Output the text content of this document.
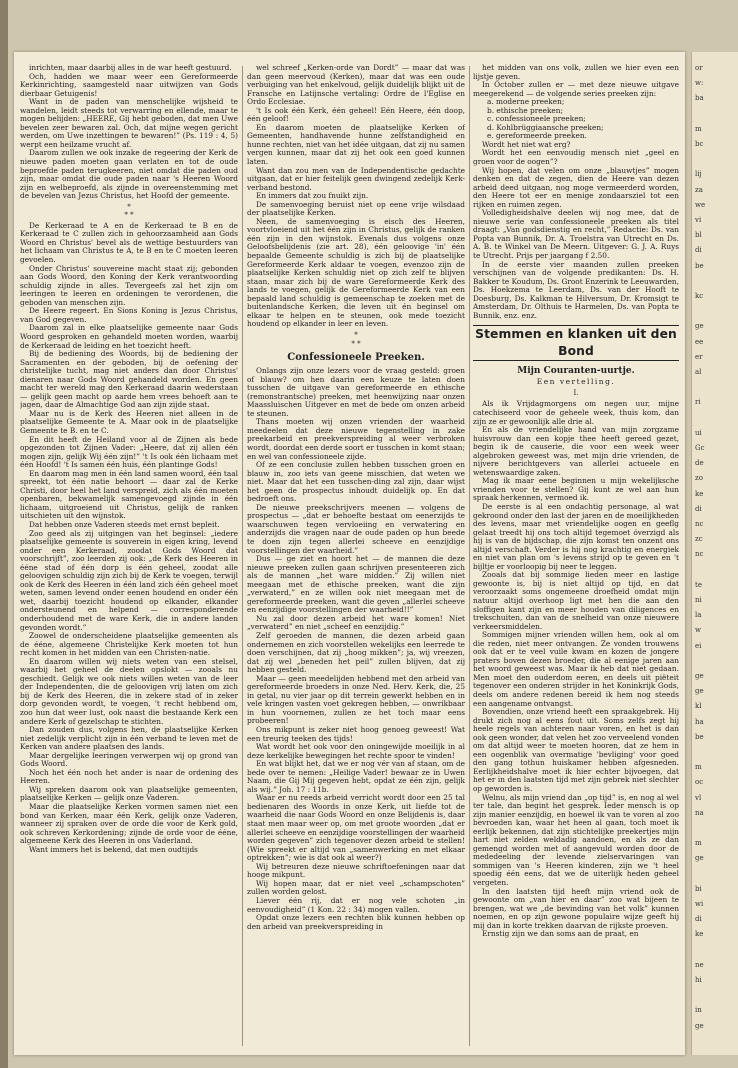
inrichten, maar daarbij alles in de war heeft gestuurd.

Och, hadden we maar weer een Gereformeerde Kerkinrichting, saamgesteld naar uitwijzen van Gods dierbaar Getuigenis!

Want in de paden van menschelijke wijsheid te wandelen, leidt steeds tot verwarring en ellende, maar te mogen belijden: „HEERE, Gij hebt geboden, dat men Uwe bevelen zeer bewaren zal. Och, dat mijne wegen gericht werden, om Uwe inzettingen te bewaren!” (Ps. 119 : 4, 5) werpt een heilzame vrucht af.

Daarom zullen we ook inzake de regeering der Kerk de nieuwe paden moeten gaan verlaten en tot de oude beproefde paden terugkeeren, niet omdat die paden oud zijn, maar omdat die oude paden naar 's Heeren Woord zijn en welbeproefd, als zijnde in overeenstemming met de bevelen van Jezus Christus, het Hoofd der gemeente.

*
* *

De Kerkeraad te A en de Kerkeraad te B en de Kerkeraad te C zullen zich in gehoorzaamheid aan Gods Woord en Christus' bevel als de wettige bestuurders van het lichaam van Christus te A, te B en te C moeten leeren gevoelen.

Onder Christus' souvereine macht staat zij; gebonden aan Gods Woord, den Koning der Kerk verantwoording schuldig zijnde in alles. Tevergeefs zal het zijn om leeringen te leeren en ordeningen te verordenen, die geboden van menschen zijn.

De Heere regeert. En Sions Koning is Jezus Christus, van God gegeven.

Daarom zal in elke plaatselijke gemeente naar Gods Woord gesproken en gehandeld moeten worden, waarbij de Kerkeraad de leiding en het toezicht heeft.

Bij de bediening des Woords, bij de bediening der Sacramenten en der geboden, bij de oefening der christelijke tucht, mag niet anders dan door Christus' dienaren naar Gods Woord gehandeld worden. En geen macht ter wereld mag den Kerkeraad daarin wederstaan — gelijk geen macht op aarde hem vrees behoeft aan te jagen, daar de Almachtige God aan zijn zijde staat.

Maar nu is de Kerk des Heeren niet alleen in de plaatselijke Gemeente te A. Maar ook in de plaatselijke Gemeente te B. en te C.

En dit heeft de Heiland voor al de Zijnen als bede opgezonden tot Zijnen Vader: „Heere, dat zij allen één mogen zijn, gelijk Wij één zijn!” 't Is ook één lichaam met één Hoofd! 't Is samen één huis, één plantinge Gods!

En daarom mag men in één land samen woord, één taal spreekt, tot één natie behoort — daar zal de Kerke Christi, door heel het land verspreid, zich als één moeten openbaren, bekwamelijk samengevoegd zijnde in één lichaam, uitgroeiend uit Christus, gelijk de ranken uitschieten uit den wijnstok.

Dat hebben onze Vaderen steeds met ernst bepleit.

Zoo geed als zij uitgingen van het beginsel: „iedere plaatselijke gemeente is souverein in eigen kring, levend onder een Kerkeraad, zoodat Gods Woord dat voorschrijft”, zoo leerden zij ook: „de Kerk des Heeren in ééne stad of één dorp is één geheel, zoodat alle geloovigen schuldig zijn zich bij de Kerk te voegen, terwijl ook de Kerk des Heeren in één land zich één geheel moet weten, samen levend onder eenen houdend en onder één wet, daarbij toezicht houdend op elkander, elkander ondersteunend en helpend — corresponderende onderhoudend met de ware Kerk, die in andere landen gevonden wordt.”

Zoowel de onderscheidene plaatselijke gemeenten als de ééne, algemeene Christelijke Kerk moeten tot hun recht komen in het midden van een Christen-natie.

En daarom willen wij niets weten van een stelsel, waarbij het geheel de deelen opslokt — zooals nu geschiedt. Gelijk we ook niets willen weten van de leer der Independenten, die de geloovigen vrij laten om zich bij de Kerk des Heeren, die in zekere stad of in zeker dorp gevonden wordt, te voegen, 't recht hebbend om, zoo hun dat weer lust, ook naast die bestaande Kerk een andere Kerk of gezelschap te stichten.

Dan zouden dus, volgens hen, de plaatselijke Kerken niet zedelijk verplicht zijn in één verband te leven met de Kerken van andere plaatsen des lands.

Maar dergelijke leeringen verwerpen wij op grond van Gods Woord.

Noch het één noch het ander is naar de ordening des Heeren.

Wij spreken daarom ook van plaatselijke gemeenten, plaatselijke Kerken — gelijk onze Vaderen.

Maar die plaatselijke Kerken vormen samen niet een bond van Kerken, maar één Kerk, gelijk onze Vaderen, wanneer zij spraken over de orde die voor de Kerk gold, ook schreven Kerkordening; zijnde de orde voor de ééne, algemeene Kerk des Heeren in ons Vaderland.

Want immers het is bekend, dat men oudtijds

wel schreef „Kerken-orde van Dordt” — maar dat was dan geen meervoud (Kerken), maar dat was een oude verbuiging van het enkelvoud, gelijk duidelijk blijkt uit de Fransche en Latijnsche vertaling: Ordre de l'Eglise en Ordo Ecclesiae.

't Is ook één Kerk, één geheel! Eén Heere, één doop, één geloof!

En daarom moeten de plaatselijke Kerken of Gemeenten, handhavende hunne zelfstandigheid en hunne rechten, niet van het idée uitgaan, dat zij nu samen vergen kunnen, maar dat zij het ook een goed kunnen laten.

Want dan zou men van de Independentische gedachte uitgaan, dat er hier feitelijk geen dwingend zedelijk Kerk-verband bestond.

En immers dat zou fnuikt zijn.

De samenvoeging beruist niet op eene vrije wilsdaad der plaatselijke Kerken.

Neen, de samenvoeging is eisch des Heeren, voortvloeiend uit het één zijn in Christus, gelijk de ranken één zijn in den wijnstok. Evenals dus volgens onze Geloofsbelijdenis (zie art. 28), één geloovige 'in' één bepaalde Gemeente schuldig is zich bij de plaatselijke Gereformeerde Kerk aldaar te voegen, evenzoo zijn de plaatselijke Kerken schuldig niet op zich zelf te blijven staan, maar zich bij de ware Gereformeerde Kerk des lands te voegen, gelijk de Gereformeerde Kerk van een bepaald land schuldig is gemeenschap te zoeken met de buitenlandsche Kerken, die leven uit én beginsel om elkaar te helpen en te steunen, ook mede toezicht houdend op elkander in leer en leven.

*
* *
Confessioneele Preeken.

Onlangs zijn onze lezers voor de vraag gesteld: groen of blauw? om hen daarin een keuze te laten doen tusschen de uitgave van gereformeerde en ethische (remonstrantsche) preeken, met heenwijzing naar onzen Maassluischen Uitgever en met de bede om onzen arbeid te steunen.

Thans moeten wij onzen vrienden der waarheid meedeelen dat deze nieuwe tegenstelling in zake preekarbeid en preekverspreiding al weer verbroken wordt, doordat een derde soort er tusschen in komt staan; en wel van confessioneele zijde.

Of ze een conclusie zullen hebben tusschen groen en blauw in, zoo iets van geene misschien, dat weten we niet. Maar dat het een tusschen-ding zal zijn, daar wijst het geen de prospectus inhoudt duidelijk op. En dat bedroeft ons.

De nieuwe preekschrijvers meenen — volgens de prospectus — „dat er behoefte bestaat om eenerzijds te waarschuwen tegen vervloeiing en verwatering en anderzijds die vragen naar de oude paden op hun beede te doen zijn tegen allerlei scheeve en eenzijdige voorstellingen der waarheid.”

Dus — ge ziet en hoort het — de mannen die deze nieuwe preeken zullen gaan schrijven presenteeren zich als de mannen „het ware midden.” Zij willen niet meegaan met de ethische preeken, want die zijn „verwaterd,” en ze willen ook niet meegaan met de gereformeerde preeken, want die geven „allerlei scheeve en eenzijdige voorstellingen der waarheid!!”

Nu zal door dezen arbeid het ware komen! Niet „verwaterd” en niet „scheef en eenzijdig.”

Zelf geroeden de mannen, die dezen arbeid gaan ondernemen en zich voorstellen wekelijks een leerrede te doen verschijnen, dat zij „hoog mikken”; ja, wij vreezen, dat zij wel „beneden het peil” zullen blijven, dat zij hebben gesteld.

Maar — geen meedelijden hebbend met den arbeid van gereformeerde broeders in onze Ned. Herv. Kerk, die, 25 in getal, nu vier jaar op dit terrein gewerkt hebben en in vele kringen vasten voet gekregen hebben, — onwrikbaar in hun voornemen, zullen ze het toch maar eens probeeren!

Ons mikpunt is zeker niet hoog genoeg geweest! Wat een treurig teeken des tijds!

Wat wordt het ook voor den oningewijde moeilijk in al deze kerkelijke bewegingen het rechte spoor te vinden!

En wat blijkt het, dat we er nog vér van af staan, om de bede over te nemen: „Heilige Vader! bewaar ze in Uwen Naam, die Gij Mij gegeven hebt, opdat ze één zijn, gelijk als wij.” Joh. 17 : 11b.

Waar er nu reeds arbeid verricht wordt door een 25 tal bedienaren des Woords in onze Kerk, uit liefde tot de waarheid die naar Gods Woord en onze Belijdenis is, daar staat men maar weer op, om met groote woorden „dat er allerlei scheeve en eenzijdige voorstellingen der waarheid worden gegeven” zich tegenover dezen arbeid te stellen! (Wie spreekt er altijd van „samenwerking en met elkaar optrekken”; wie is dat ook al weer?)

Wij betreuren deze nieuwe schriftoefeningen naar dat hooge mikpunt.

Wij hopen maar, dat er niet veel „schampschoten” zullen worden gelost.

Liever één rij, dat er nog vele schoten „in eenvoudigheid” (1 Kon. 22 : 34) mogen vallen.

Opdat onze lezers een rechten blik kunnen hebben op den arbeid van preekverspreiding in

het midden van ons volk, zullen we hier even een lijstje geven.

In October zullen er — met deze nieuwe uitgave meegerekend — de volgende series preeken zijn:

a. moderne preeken;
b. ethische preeken;
c. confessioneele preeken;
d. Kohlbrüggiaansche preeken;
e. gereformeerde preeken.

Wordt het niet wat erg?

Wordt het een eenvoudig mensch niet „geel en groen voor de oogen”?

Wij hopen, dat velen om onze „blauwtjes” mogen denken en dat de zegen, dien de Heere van dezen arbeid deed uitgaan, nog moge vermeerderd worden, den Heere tot eer en menige zondaarsziel tot een rijken en ruimen zegen.

Volledigheidshalve deelen wij nog mee, dat de nieuwe serie van confessioneele preeken als titel draagt: „Van godsdienstig en recht,” Redactie: Ds. van Popta van Bunnik, Dr. A. Troelstra van Utrecht en Ds. A. B. te Winkel van De Meern. Uitgever: G. J. A. Ruys te Utrecht. Prijs per jaargang f 2.50.

In de eerste vier maanden zullen preeken verschijnen van de volgende predikanten: Ds. H. Bakker te Koudum, Ds. Groot Enzerink te Leeuwarden, Ds. Hoekzema te Leerdam, Ds. van der Hooft te Doesburg, Ds. Kalkman te Hilversum, Dr. Kromsigt te Amsterdam, Dr. Olthuis te Harmelen, Ds. van Popta te Bunnik, enz. enz.

Stemmen en klanken uit den Bond
Mijn Couranten-uurtje.
Een vertelling.
I.

Als ik Vrijdagmorgens om negen uur, mijne catechiseerd voor de geheele week, thuis kom, dan zijn ze er gewoonlijk alle drie al.

En als de vriendelijke hand van mijn zorgzame huisvrouw dan een kopje thee heeft gereed gezet, begin ik de causerie, die voor een week weer algebroken geweest was, met mijn drie vrienden, de nijvere berichtgevers van allerlei actueele en wetenswaardige zaken.

Mag ik maar eene beginnen u mijn wekelijksche vrienden voor te stellen? Gij kunt ze wel aan hun spraak herkennen, vermoed ik.

De eerste is al een ondachtig personage, al wat gekroond onder den last der jaren en de moeilijkheden des levens, maar met vriendelijke oogen en geeflg gelaat treedt hij ons toch altijd tegemoet óverzigd als hij is van de bijdschap, die zijn komst ten onzent ons altijd verschaft. Verder is hij nog krachtig en energiek en niet van plan om 's levens strijd op te geven en 't bijltje er voorloopig bij neer te leggen.

Zooals dat bij sommige lieden meer en lastige gewoonte is, bij is niet altijd op tijd, en dat veroorzaakt soms ongemeene droefheid omdat mijn natuur altijd overhoop ligt met hen die aan den sloffigen kant zijn en meer houden van diligences en trekschuiten, dan van de snelheid van onze nieuwere verkeersmiddelen.

Sommigen mijner vrienden willen hem, ook al om die reden, niet meer ontvangen. Ze vonden trouwens ook dat er te veel vuile kwam en kozen de jongere praters boven dezen broeder, die al eenige jaren aan het woord geweest was. Maar ik heb dat niet gedaan. Men moet den ouderdom eeren, en deels uit piëteit tegenover een onderen strijder in het Koninkrijk Gods, deels om andere redenen bereid ik hem nog steeds een aangename ontvangst.

Bovendien, onze vriend heeft een spraakgebrek. Hij drukt zich nog al eens fout uit. Soms zelfs zegt hij heele regels van achteren naar voren, en het is dan ook geen wonder, dat velen het zoo verveelend vonden om dat altijd weer te moeten hooren, dat ze hem in een oogenblik van overmatige 'bevliging' voor goed den gang tothun huiskamer hebben afgesneden. Eerlijkheidshalve moet ik hier echter bijvoegen, dat het er in den laatsten tijd met zijn gebrek niet slechter op geworden is.

Welnu, als mijn vriend dan „op tijd” is, en nog al wel ter tale, dan begint het gesprek. Ieder mensch is op zijn manier eenzijdig, en hoewel ik van te voren al zoo bevroeden kan, waar het heen al gaan, toch moet ik eerlijk bekennen, dat zijn stichtelijke preekertjes mijn hart niet zelden weldadig aandoen, en als ze dan gemengd worden met of aangevuld worden door de mededeeling der levende zielservaringen van sommigen van 's Heeren kinderen, zijn we 't heel spoedig één eens, dat we de uiterlijk heden geheel vergeten.

In den laatsten tijd heeft mijn vriend ook de gewoonte om „van hier en daar” zoo wat bijeen te brengen, wat we „de bevinding van het volk” kunnen noemen, en op zijn gewone populaire wijze geeft hij mij dan in korte trekken daarvan de rijkste proeven.

Ernstig zijn we dan soms aan de praat, en

or
w:
ba
m
bc
lij
za
we
vi
bl
di
be
kc
ge
ee
er
al
ri
ui
Gc
de
zo
ke
di
nc
zc
nc
te
ni
la
w
ei
ge
ge
kl
ha
be
m
oc
vl
na
m
ge
bi
wi
di
ke
ne
hi
in
ge
